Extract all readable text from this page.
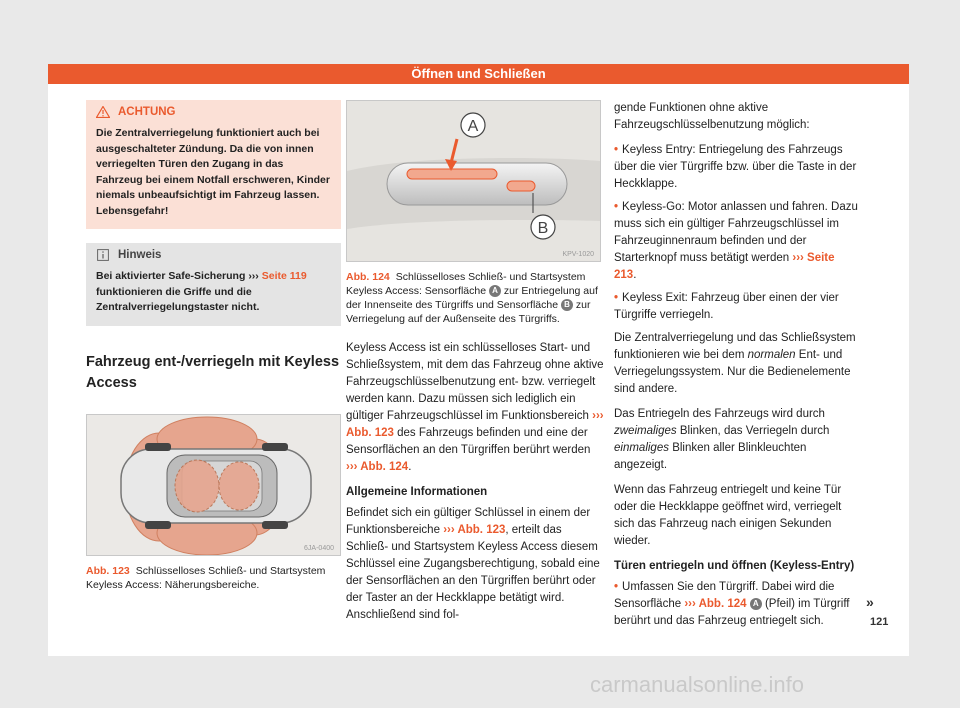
Öffnen und Schließen
ACHTUNG
Die Zentralverriegelung funktioniert auch bei ausgeschalteter Zündung. Da die von innen verriegelten Türen den Zugang in das Fahrzeug bei einem Notfall erschweren, Kinder niemals unbeaufsichtigt im Fahrzeug lassen. Lebensgefahr!
Hinweis
Bei aktivierter Safe-Sicherung ››› Seite 119 funktionieren die Griffe und die Zentralverriegelungstaster nicht.
Fahrzeug ent-/verriegeln mit Keyless Access
6JA-0400
Abb. 123 Schlüsselloses Schließ- und Startsystem Keyless Access: Näherungsbereiche.
A
B
KPV-1020
Abb. 124 Schlüsselloses Schließ- und Startsystem Keyless Access: Sensorfläche A zur Entriegelung auf der Innenseite des Türgriffs und Sensorfläche B zur Verriegelung auf der Außenseite des Türgriffs.

Keyless Access ist ein schlüsselloses Start- und Schließsystem, mit dem das Fahrzeug ohne aktive Fahrzeugschlüsselbenutzung ent- bzw. verriegelt werden kann. Dazu müssen sich lediglich ein gültiger Fahrzeugschlüssel im Funktionsbereich ››› Abb. 123 des Fahrzeugs befinden und eine der Sensorflächen an den Türgriffen berührt werden ››› Abb. 124.

Allgemeine Informationen

Befindet sich ein gültiger Schlüssel in einem der Funktionsbereiche ››› Abb. 123, erteilt das Schließ- und Startsystem Keyless Access diesem Schlüssel eine Zugangsberechtigung, sobald eine der Sensorflächen an den Türgriffen berührt oder der Taster an der Heckklappe betätigt wird. Anschließend sind fol-

gende Funktionen ohne aktive Fahrzeugschlüsselbenutzung möglich:

• Keyless Entry: Entriegelung des Fahrzeugs über die vier Türgriffe bzw. über die Taste in der Heckklappe.
• Keyless-Go: Motor anlassen und fahren. Dazu muss sich ein gültiger Fahrzeugschlüssel im Fahrzeuginnenraum befinden und der Starterknopf muss betätigt werden ››› Seite 213.
• Keyless Exit: Fahrzeug über einen der vier Türgriffe verriegeln.

Die Zentralverriegelung und das Schließsystem funktionieren wie bei dem normalen Ent- und Verriegelungssystem. Nur die Bedienelemente sind andere.

Das Entriegeln des Fahrzeugs wird durch zweimaliges Blinken, das Verriegeln durch einmaliges Blinken aller Blinkleuchten angezeigt.

Wenn das Fahrzeug entriegelt und keine Tür oder die Heckklappe geöffnet wird, verriegelt sich das Fahrzeug nach einigen Sekunden wieder.

Türen entriegeln und öffnen (Keyless-Entry)
• Umfassen Sie den Türgriff. Dabei wird die Sensorfläche ››› Abb. 124 A (Pfeil) im Türgriff berührt und das Fahrzeug entriegelt sich.
»
121
carmanualsonline.info
